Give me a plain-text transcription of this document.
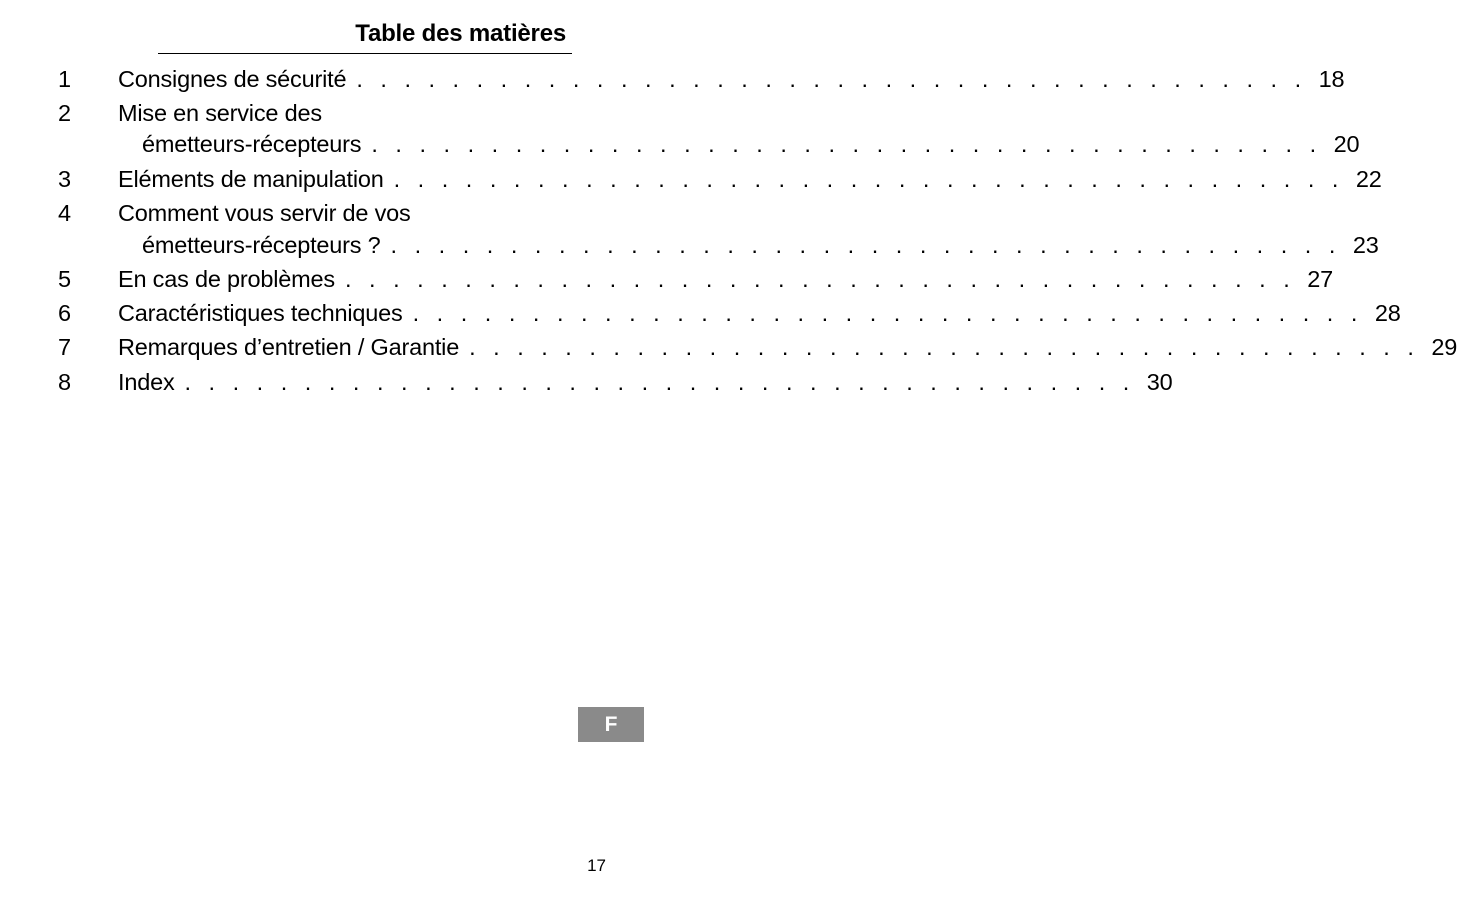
Table des matières
1 Consignes de sécurité . . . . . . . . . . . . . . . . . . . . . . . . . . . . . . . . . . . . . . . . 18
2 Mise en service des
émetteurs-récepteurs . . . . . . . . . . . . . . . . . . . . . . . . . . . . . . . . . . . . . . . . 20
3 Eléments de manipulation . . . . . . . . . . . . . . . . . . . . . . . . . . . . . . . . . . . . . . . . 22
4 Comment vous servir de vos
émetteurs-récepteurs ? . . . . . . . . . . . . . . . . . . . . . . . . . . . . . . . . . . . . . . . . 23
5 En cas de problèmes . . . . . . . . . . . . . . . . . . . . . . . . . . . . . . . . . . . . . . . . 27
6 Caractéristiques techniques . . . . . . . . . . . . . . . . . . . . . . . . . . . . . . . . . . . . . . . . 28
7 Remarques d’entretien / Garantie . . . . . . . . . . . . . . . . . . . . . . . . . . . . . . . . . . . . . . . . 29
8 Index . . . . . . . . . . . . . . . . . . . . . . . . . . . . . . . . . . . . . . . . 30
F
17
